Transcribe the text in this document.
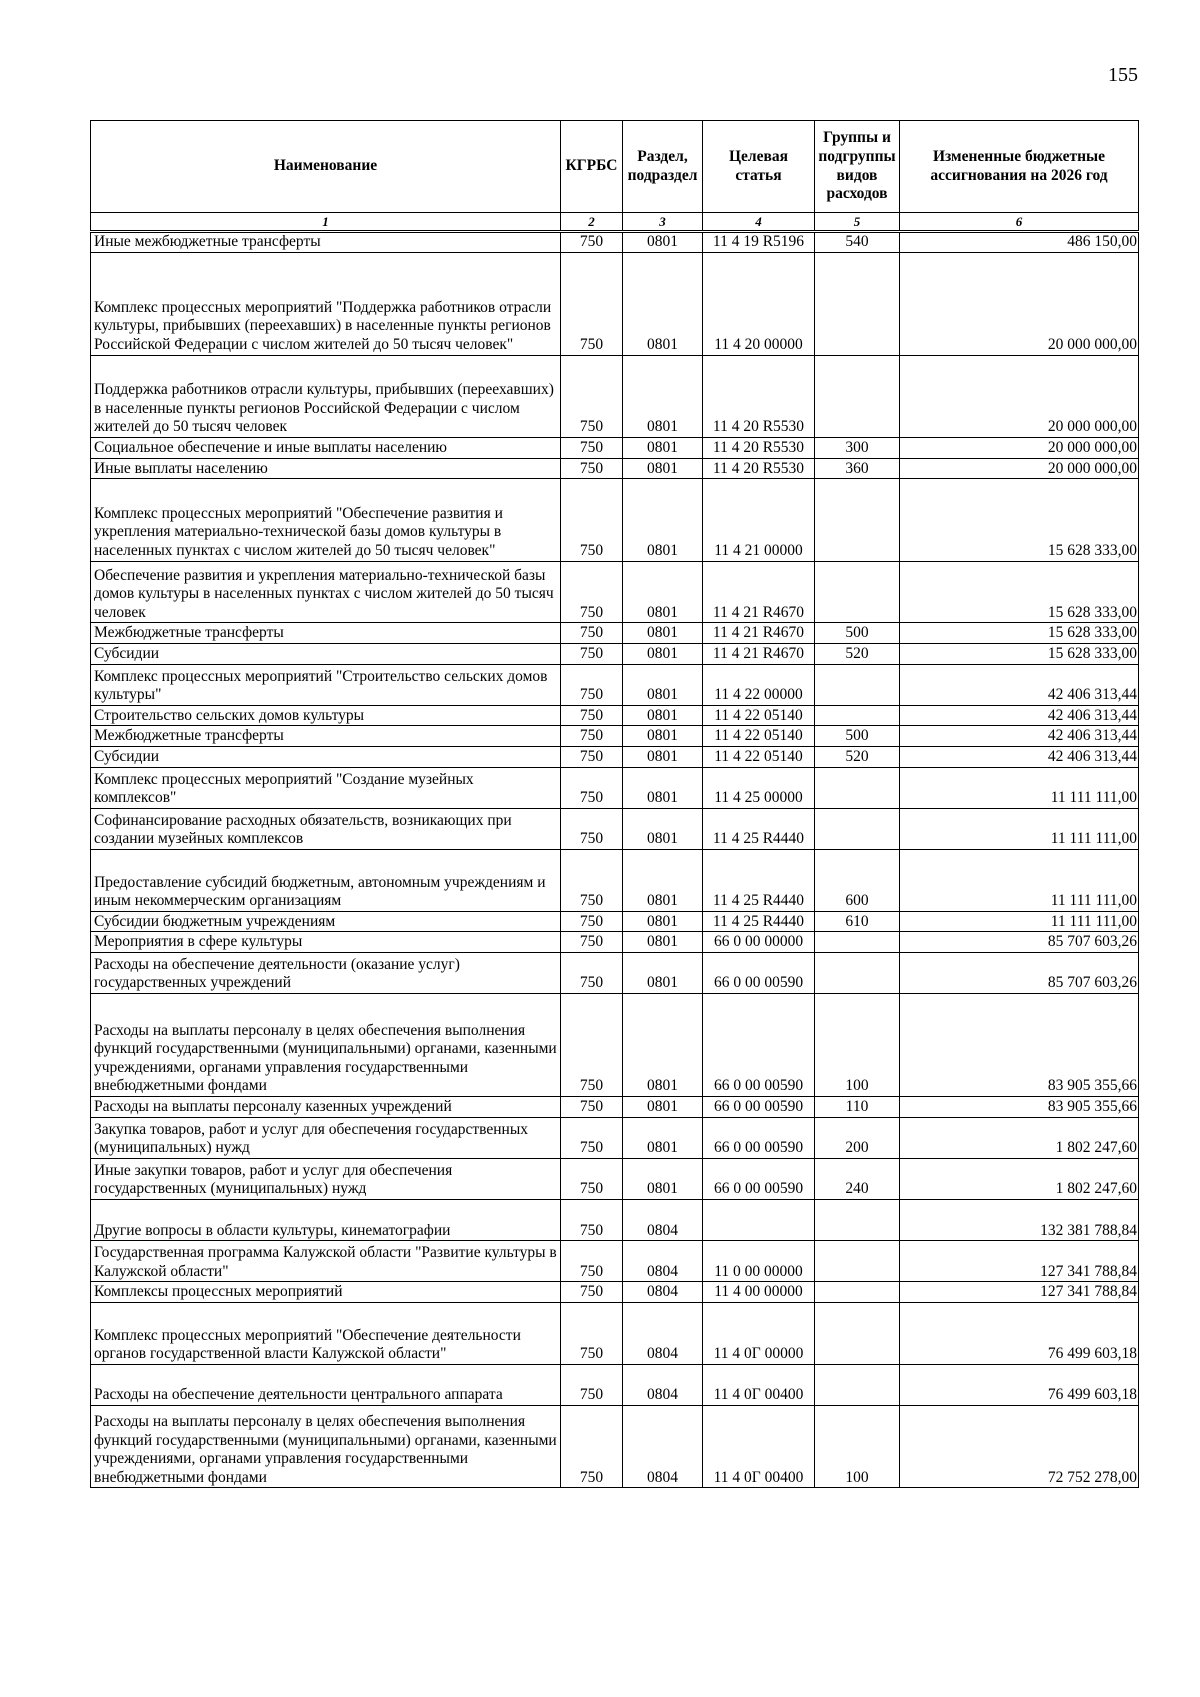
155
Наименование	КГРБС	Раздел, подраздел	Целевая статья	Группы и подгруппы видов расходов	Измененные бюджетные ассигнования на 2026 год
1	2	3	4	5	6
Иные межбюджетные трансферты	750	0801	11 4 19 R5196	540	486 150,00
Комплекс процессных мероприятий "Поддержка работников отрасли культуры, прибывших (переехавших) в населенные пункты регионов Российской Федерации с числом жителей до 50 тысяч человек"	750	0801	11 4 20 00000		20 000 000,00
Поддержка работников отрасли культуры, прибывших (переехавших) в населенные пункты регионов Российской Федерации с числом жителей до 50 тысяч человек	750	0801	11 4 20 R5530		20 000 000,00
Социальное обеспечение и иные выплаты населению	750	0801	11 4 20 R5530	300	20 000 000,00
Иные выплаты населению	750	0801	11 4 20 R5530	360	20 000 000,00
Комплекс процессных мероприятий "Обеспечение развития и укрепления материально-технической базы домов культуры в населенных пунктах с числом жителей до 50 тысяч человек"	750	0801	11 4 21 00000		15 628 333,00
Обеспечение развития и укрепления материально-технической базы домов культуры в населенных пунктах с числом жителей до 50 тысяч человек	750	0801	11 4 21 R4670		15 628 333,00
Межбюджетные трансферты	750	0801	11 4 21 R4670	500	15 628 333,00
Субсидии	750	0801	11 4 21 R4670	520	15 628 333,00
Комплекс процессных мероприятий "Строительство сельских домов культуры"	750	0801	11 4 22 00000		42 406 313,44
Строительство сельских домов культуры	750	0801	11 4 22 05140		42 406 313,44
Межбюджетные трансферты	750	0801	11 4 22 05140	500	42 406 313,44
Субсидии	750	0801	11 4 22 05140	520	42 406 313,44
Комплекс процессных мероприятий "Создание музейных комплексов"	750	0801	11 4 25 00000		11 111 111,00
Софинансирование расходных обязательств, возникающих при создании музейных комплексов	750	0801	11 4 25 R4440		11 111 111,00
Предоставление субсидий бюджетным, автономным учреждениям и иным некоммерческим организациям	750	0801	11 4 25 R4440	600	11 111 111,00
Субсидии бюджетным учреждениям	750	0801	11 4 25 R4440	610	11 111 111,00
Мероприятия в сфере культуры	750	0801	66 0 00 00000		85 707 603,26
Расходы на обеспечение деятельности (оказание услуг) государственных учреждений	750	0801	66 0 00 00590		85 707 603,26
Расходы на выплаты персоналу в целях обеспечения выполнения функций государственными (муниципальными) органами, казенными учреждениями, органами управления государственными внебюджетными фондами	750	0801	66 0 00 00590	100	83 905 355,66
Расходы на выплаты персоналу казенных учреждений	750	0801	66 0 00 00590	110	83 905 355,66
Закупка товаров, работ и услуг для обеспечения государственных (муниципальных) нужд	750	0801	66 0 00 00590	200	1 802 247,60
Иные закупки товаров, работ и услуг для обеспечения государственных (муниципальных) нужд	750	0801	66 0 00 00590	240	1 802 247,60
Другие вопросы в области культуры, кинематографии	750	0804			132 381 788,84
Государственная программа Калужской области "Развитие культуры в Калужской области"	750	0804	11 0 00 00000		127 341 788,84
Комплексы процессных мероприятий	750	0804	11 4 00 00000		127 341 788,84
Комплекс процессных мероприятий "Обеспечение деятельности органов государственной власти Калужской области"	750	0804	11 4 0Г 00000		76 499 603,18
Расходы на обеспечение деятельности центрального аппарата	750	0804	11 4 0Г 00400		76 499 603,18
Расходы на выплаты персоналу в целях обеспечения выполнения функций государственными (муниципальными) органами, казенными учреждениями, органами управления государственными внебюджетными фондами	750	0804	11 4 0Г 00400	100	72 752 278,00
